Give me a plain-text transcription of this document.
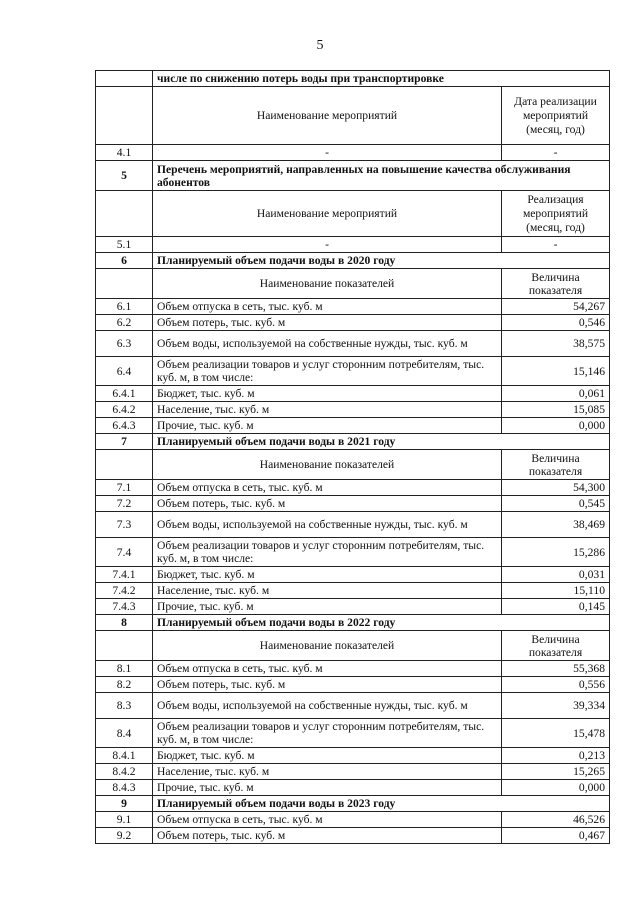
5
	числе по снижению потерь воды при транспортировке	
	Наименование мероприятий	Дата реализации мероприятий (месяц, год)
4.1	-	-
5	Перечень мероприятий, направленных на повышение качества обслуживания абонентов	
	Наименование мероприятий	Реализация мероприятий (месяц, год)
5.1	-	-
6	Планируемый объем подачи воды в 2020 году	
	Наименование показателей	Величина показателя
6.1	Объем отпуска в сеть, тыс. куб. м	54,267
6.2	Объем потерь, тыс. куб. м	0,546
6.3	Объем воды, используемой на собственные нужды, тыс. куб. м	38,575
6.4	Объем реализации товаров и услуг сторонним потребителям, тыс. куб. м, в том числе:	15,146
6.4.1	Бюджет, тыс. куб. м	0,061
6.4.2	Население, тыс. куб. м	15,085
6.4.3	Прочие, тыс. куб. м	0,000
7	Планируемый объем подачи воды в 2021 году	
	Наименование показателей	Величина показателя
7.1	Объем отпуска в сеть, тыс. куб. м	54,300
7.2	Объем потерь, тыс. куб. м	0,545
7.3	Объем воды, используемой на собственные нужды, тыс. куб. м	38,469
7.4	Объем реализации товаров и услуг сторонним потребителям, тыс. куб. м, в том числе:	15,286
7.4.1	Бюджет, тыс. куб. м	0,031
7.4.2	Население, тыс. куб. м	15,110
7.4.3	Прочие, тыс. куб. м	0,145
8	Планируемый объем подачи воды в 2022 году	
	Наименование показателей	Величина показателя
8.1	Объем отпуска в сеть, тыс. куб. м	55,368
8.2	Объем потерь, тыс. куб. м	0,556
8.3	Объем воды, используемой на собственные нужды, тыс. куб. м	39,334
8.4	Объем реализации товаров и услуг сторонним потребителям, тыс. куб. м, в том числе:	15,478
8.4.1	Бюджет, тыс. куб. м	0,213
8.4.2	Население, тыс. куб. м	15,265
8.4.3	Прочие, тыс. куб. м	0,000
9	Планируемый объем подачи воды в 2023 году	
9.1	Объем отпуска в сеть, тыс. куб. м	46,526
9.2	Объем потерь, тыс. куб. м	0,467
